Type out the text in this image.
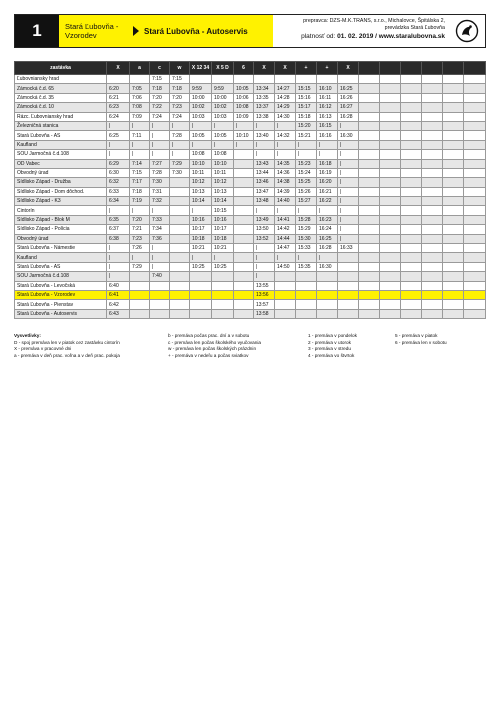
1	Stará Ľubovňa - Vzorodev	Stará Ľubovňa - Autoservis
prepravca: DZS-M.K.TRANS, s.r.o., Michalovce, Špitálska 2,
prevádzka Stará Ľubovňa
platnosť od: 01. 02. 2019 / www.staralubovna.sk
zastávka	X	a	c	w	X 12 34	X 5 D	6	X	X	+	+	X						
Ľubovniansky hrad			7:15	7:15														
Zámocká č.d. 65	6:20	7:05	7:18	7:18	9:59	9:59	10:05	13:34	14:27	15:15	16:10	16:25						
Zámocká č.d. 35	6:21	7:06	7:20	7:20	10:00	10:00	10:06	13:35	14:28	15:16	16:11	16:26						
Zámocká č.d. 10	6:23	7:08	7:22	7:23	10:02	10:02	10:08	13:37	14:29	15:17	16:12	16:27						
Rázc. Ľubovniansky hrad	6:24	7:09	7:24	7:24	10:03	10:03	10:09	13:38	14:30	15:18	16:13	16:28						
Železničná stanica	|	|	|	|	|	|	|	|	|	15:20	16:15	|						
Stará Ľubovňa - AS	6:25	7:11	|	7:28	10:05	10:05	10:10	13:40	14:32	15:21	16:16	16:30						
Kaufland	|	|	|	|	|	|	|	|	|	|	|	|						
SOU Jarmočná č.d.108	|	|	|	|	10:08	10:08		|	|	|	|	|						
OD Vabec	6:29	7:14	7:27	7:29	10:10	10:10		13:43	14:35	15:23	16:18	|						
Obvodný úrad	6:30	7:15	7:28	7:30	10:11	10:11		13:44	14:36	15:24	16:19	|						
Sídlisko Západ - Družba	6:32	7:17	7:30		10:12	10:12		13:46	14:38	15:25	16:20	|						
Sídlisko Západ - Dom dôchod.	6:33	7:18	7:31		10:13	10:13		13:47	14:39	15:26	16:21	|						
Sídlisko Západ - K3	6:34	7:19	7:32		10:14	10:14		13:48	14:40	15:27	16:22	|						
Cintorín	|	|	|		|	10:15		|	|	|	|	|						
Sídlisko Západ - Blok M	6:35	7:20	7:33		10:16	10:16		13:49	14:41	15:28	16:23	|						
Sídlisko Západ - Polícia	6:37	7:21	7:34		10:17	10:17		13:50	14:42	15:29	16:24	|						
Obvodný úrad	6:38	7:23	7:36		10:18	10:18		13:52	14:44	15:30	16:25	|						
Stará Ľubovňa - Námestie	|	7:26	|		10:21	10:21		|	14:47	15:33	16:28	16:33						
Kaufland	|	|	|		|	|		|	|	|	|							
Stará Ľubovňa - AS	|	7:29	|		10:25	10:25		|	14:50	15:35	16:30							
SOU Jarmočná č.d.108	|		7:40					|										
Stará Ľubovňa - Levočská	6:40							13:55										
Stará Ľubovňa - Vzorodev	6:41							13:56										
Stará Ľubovňa - Pienstav	6:42							13:57										
Stará Ľubovňa - Autoservis	6:43							13:58										
Vysvetlivky:
D - spoj premáva len v piatok cez zastávku cintorín
X - premáva v pracovné dni
a - premáva v deň prac. voľna a v deň prac. pokoja
b - premáva počas prac. dní a v sobotu
c - premáva len počas školského vyučovania
w - premáva len počas školských prázdnin
+ - premáva v nedeľu a počas sviatkov
1 - premáva v pondelok
2 - premáva v utorok
3 - premáva v stredu
4 - premáva vo štvrtok
5 - premáva v piatok
6 - premáva len v sobotu
